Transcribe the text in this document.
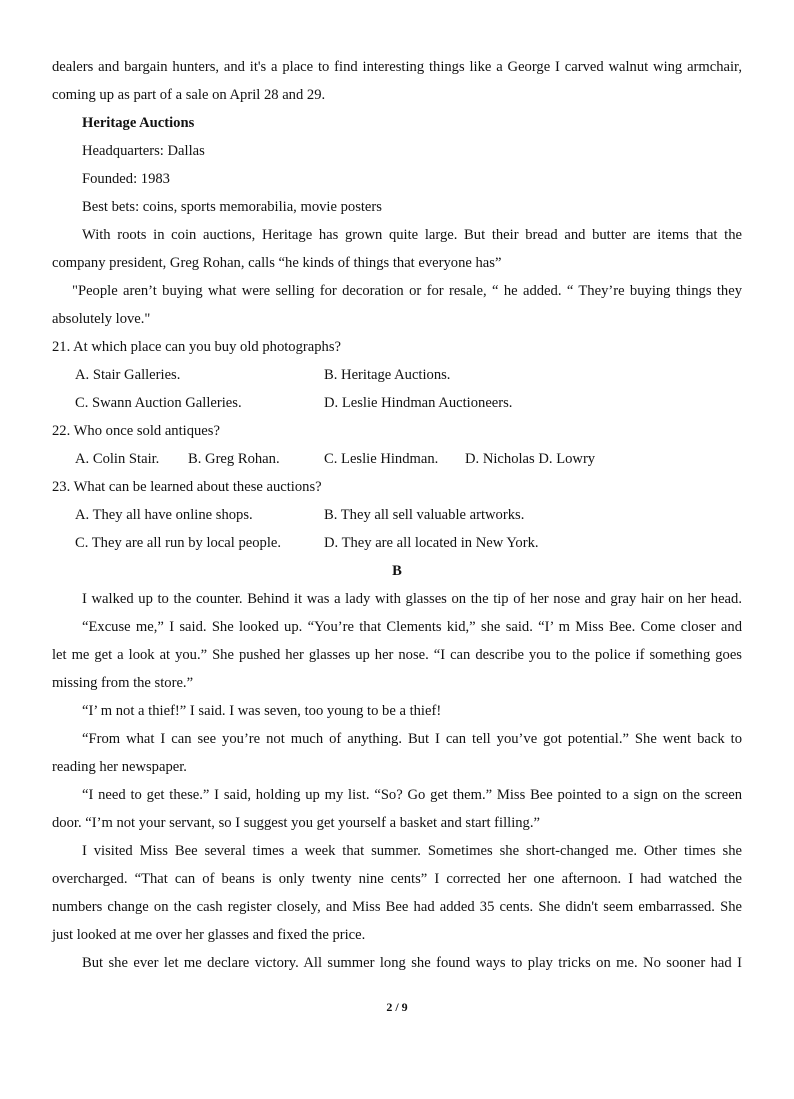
dealers and bargain hunters, and it's a place to find interesting things like a George I carved walnut wing armchair,
coming up as part of a sale on April 28 and 29.
Heritage Auctions
Headquarters: Dallas
Founded: 1983
Best bets: coins, sports memorabilia, movie posters
With roots in coin auctions, Heritage has grown quite large. But their bread and butter are items that the
company president, Greg Rohan, calls “he kinds of things that everyone has”
"People aren’t buying what were selling for decoration or for resale, “ he added. “ They’re buying things they
absolutely love."
21. At which place can you buy old photographs?
A. Stair Galleries.	B. Heritage Auctions.
C. Swann Auction Galleries.	D. Leslie Hindman Auctioneers.
22. Who once sold antiques?
A. Colin Stair. B. Greg Rohan.	C. Leslie Hindman. D. Nicholas D. Lowry
23. What can be learned about these auctions?
A. They all have online shops.	B. They all sell valuable artworks.
C. They are all run by local people.	D. They are all located in New York.
B
I walked up to the counter. Behind it was a lady with glasses on the tip of her nose and gray hair on her head.
“Excuse me,” I said. She looked up. “You’re that Clements kid,” she said. “I’ m Miss Bee. Come closer and
let me get a look at you.” She pushed her glasses up her nose. “I can describe you to the police if something goes
missing from the store.”
“I’ m not a thief!” I said. I was seven, too young to be a thief!
“From what I can see you’re not much of anything. But I can tell you’ve got potential.” She went back to
reading her newspaper.
“I need to get these.” I said, holding up my list. “So? Go get them.” Miss Bee pointed to a sign on the screen
door. “I’m not your servant, so I suggest you get yourself a basket and start filling.”
I visited Miss Bee several times a week that summer. Sometimes she short-changed me. Other times she
overcharged. “That can of beans is only twenty nine cents” I corrected her one afternoon. I had watched the
numbers change on the cash register closely, and Miss Bee had added 35 cents. She didn't seem embarrassed. She
just looked at me over her glasses and fixed the price.
But she ever let me declare victory. All summer long she found ways to play tricks on me. No sooner had I
2 / 9
